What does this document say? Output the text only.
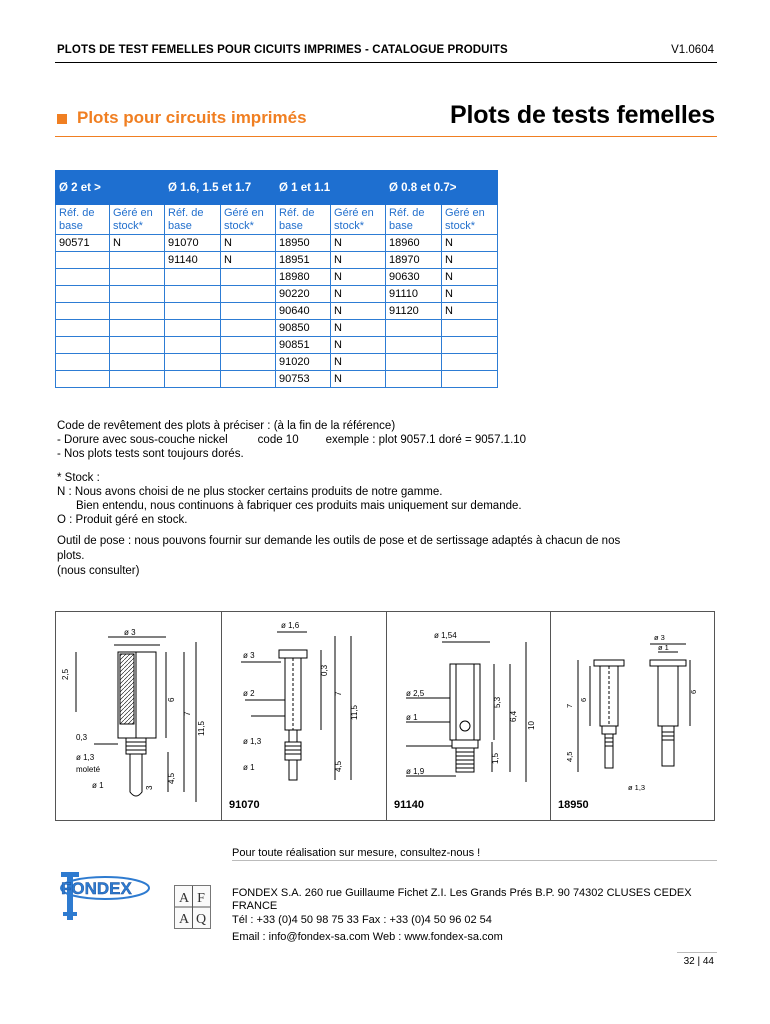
PLOTS DE TEST FEMELLES POUR CICUITS IMPRIMES - CATALOGUE PRODUITS	V1.0604
Plots pour circuits imprimés	Plots de tests femelles
Ø 2 et >		Ø 1.6, 1.5 et 1.7		Ø 1 et 1.1		Ø 0.8 et 0.7>	
Réf. de base	Géré en stock*	Réf. de base	Géré en stock*	Réf. de base	Géré en stock*	Réf. de base	Géré en stock*
90571	N	91070	N	18950	N	18960	N
		91140	N	18951	N	18970	N
				18980	N	90630	N
				90220	N	91110	N
				90640	N	91120	N
				90850	N		
				90851	N		
				91020	N		
				90753	N		
Code de revêtement des plots à préciser : (à la fin de la référence)
- Dorure avec sous-couche nickel	code 10 exemple : plot 9057.1 doré = 9057.1.10
- Nos plots tests sont toujours dorés.
* Stock :
N : Nous avons choisi de ne plus stocker certains produits de notre gamme.
Bien entendu, nous continuons à fabriquer ces produits mais uniquement sur demande.
O : Produit géré en stock.
Outil de pose : nous pouvons fournir sur demande les outils de pose et de sertissage adaptés à chacun de nos
plots.
(nous consulter)
ø 3
2,5
6
7
11,5
0,3
ø 1,3
moleté
ø 1
4,5
3
ø 1,6
ø 3
ø 2
ø 1,3
ø 1
0,3
7
11,5
4,5
91070
ø 1,54
ø 2,5
ø 1
ø 1,9
5,3
6,4
10
1,5
91140
ø 3
ø 1
7
6
4,5
6
ø 1,3
18950
Pour toute réalisation sur mesure, consultez-nous !
FONDEX
A F
A Q
FONDEX S.A. 260 rue Guillaume Fichet Z.I. Les Grands Prés B.P. 90 74302 CLUSES CEDEX
FRANCE
Tél : +33 (0)4 50 98 75 33 Fax : +33 (0)4 50 96 02 54
Email : info@fondex-sa.com Web : www.fondex-sa.com
32 | 44
